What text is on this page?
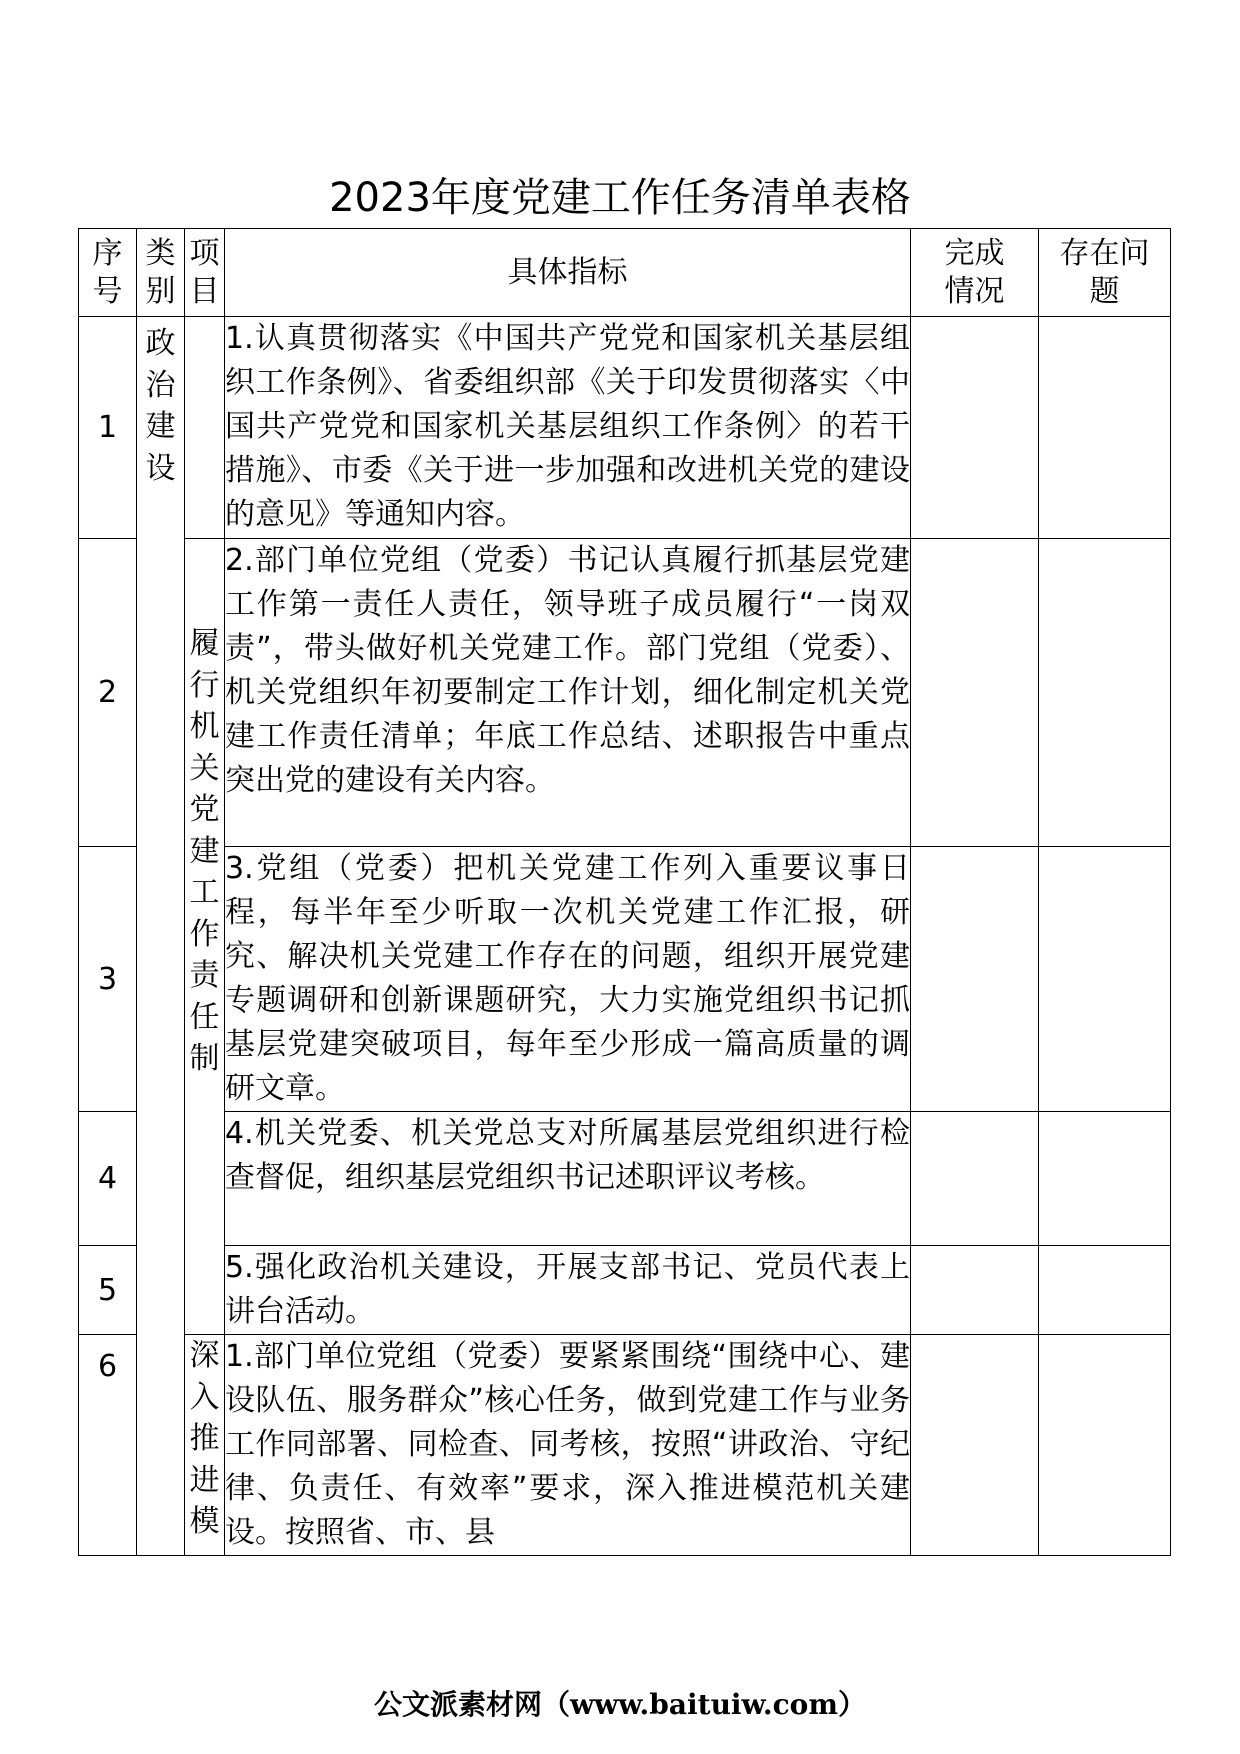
2023年度党建工作任务清单表格
序号	类别	项目	具体指标	完成情况	存在问题
1	政治建设		1.认真贯彻落实《中国共产党党和国家机关基层组织工作条例》、省委组织部《关于印发贯彻落实〈中国共产党党和国家机关基层组织工作条例〉的若干措施》、市委《关于进一步加强和改进机关党的建设的意见》等通知内容。		
2		履行机关党建工作责任制	2.部门单位党组（党委）书记认真履行抓基层党建工作第一责任人责任，领导班子成员履行“一岗双责”，带头做好机关党建工作。部门党组（党委）、机关党组织年初要制定工作计划，细化制定机关党建工作责任清单；年底工作总结、述职报告中重点突出党的建设有关内容。		
3			3.党组（党委）把机关党建工作列入重要议事日程，每半年至少听取一次机关党建工作汇报，研究、解决机关党建工作存在的问题，组织开展党建专题调研和创新课题研究，大力实施党组织书记抓基层党建突破项目，每年至少形成一篇高质量的调研文章。		
4			4.机关党委、机关党总支对所属基层党组织进行检查督促，组织基层党组织书记述职评议考核。		
5			5.强化政治机关建设，开展支部书记、党员代表上讲台活动。		
6		深入推进模	1.部门单位党组（党委）要紧紧围绕“围绕中心、建设队伍、服务群众”核心任务，做到党建工作与业务工作同部署、同检查、同考核，按照“讲政治、守纪律、负责任、有效率”要求，深入推进模范机关建设。按照省、市、县		
公文派素材网（www.baituiw.com）
